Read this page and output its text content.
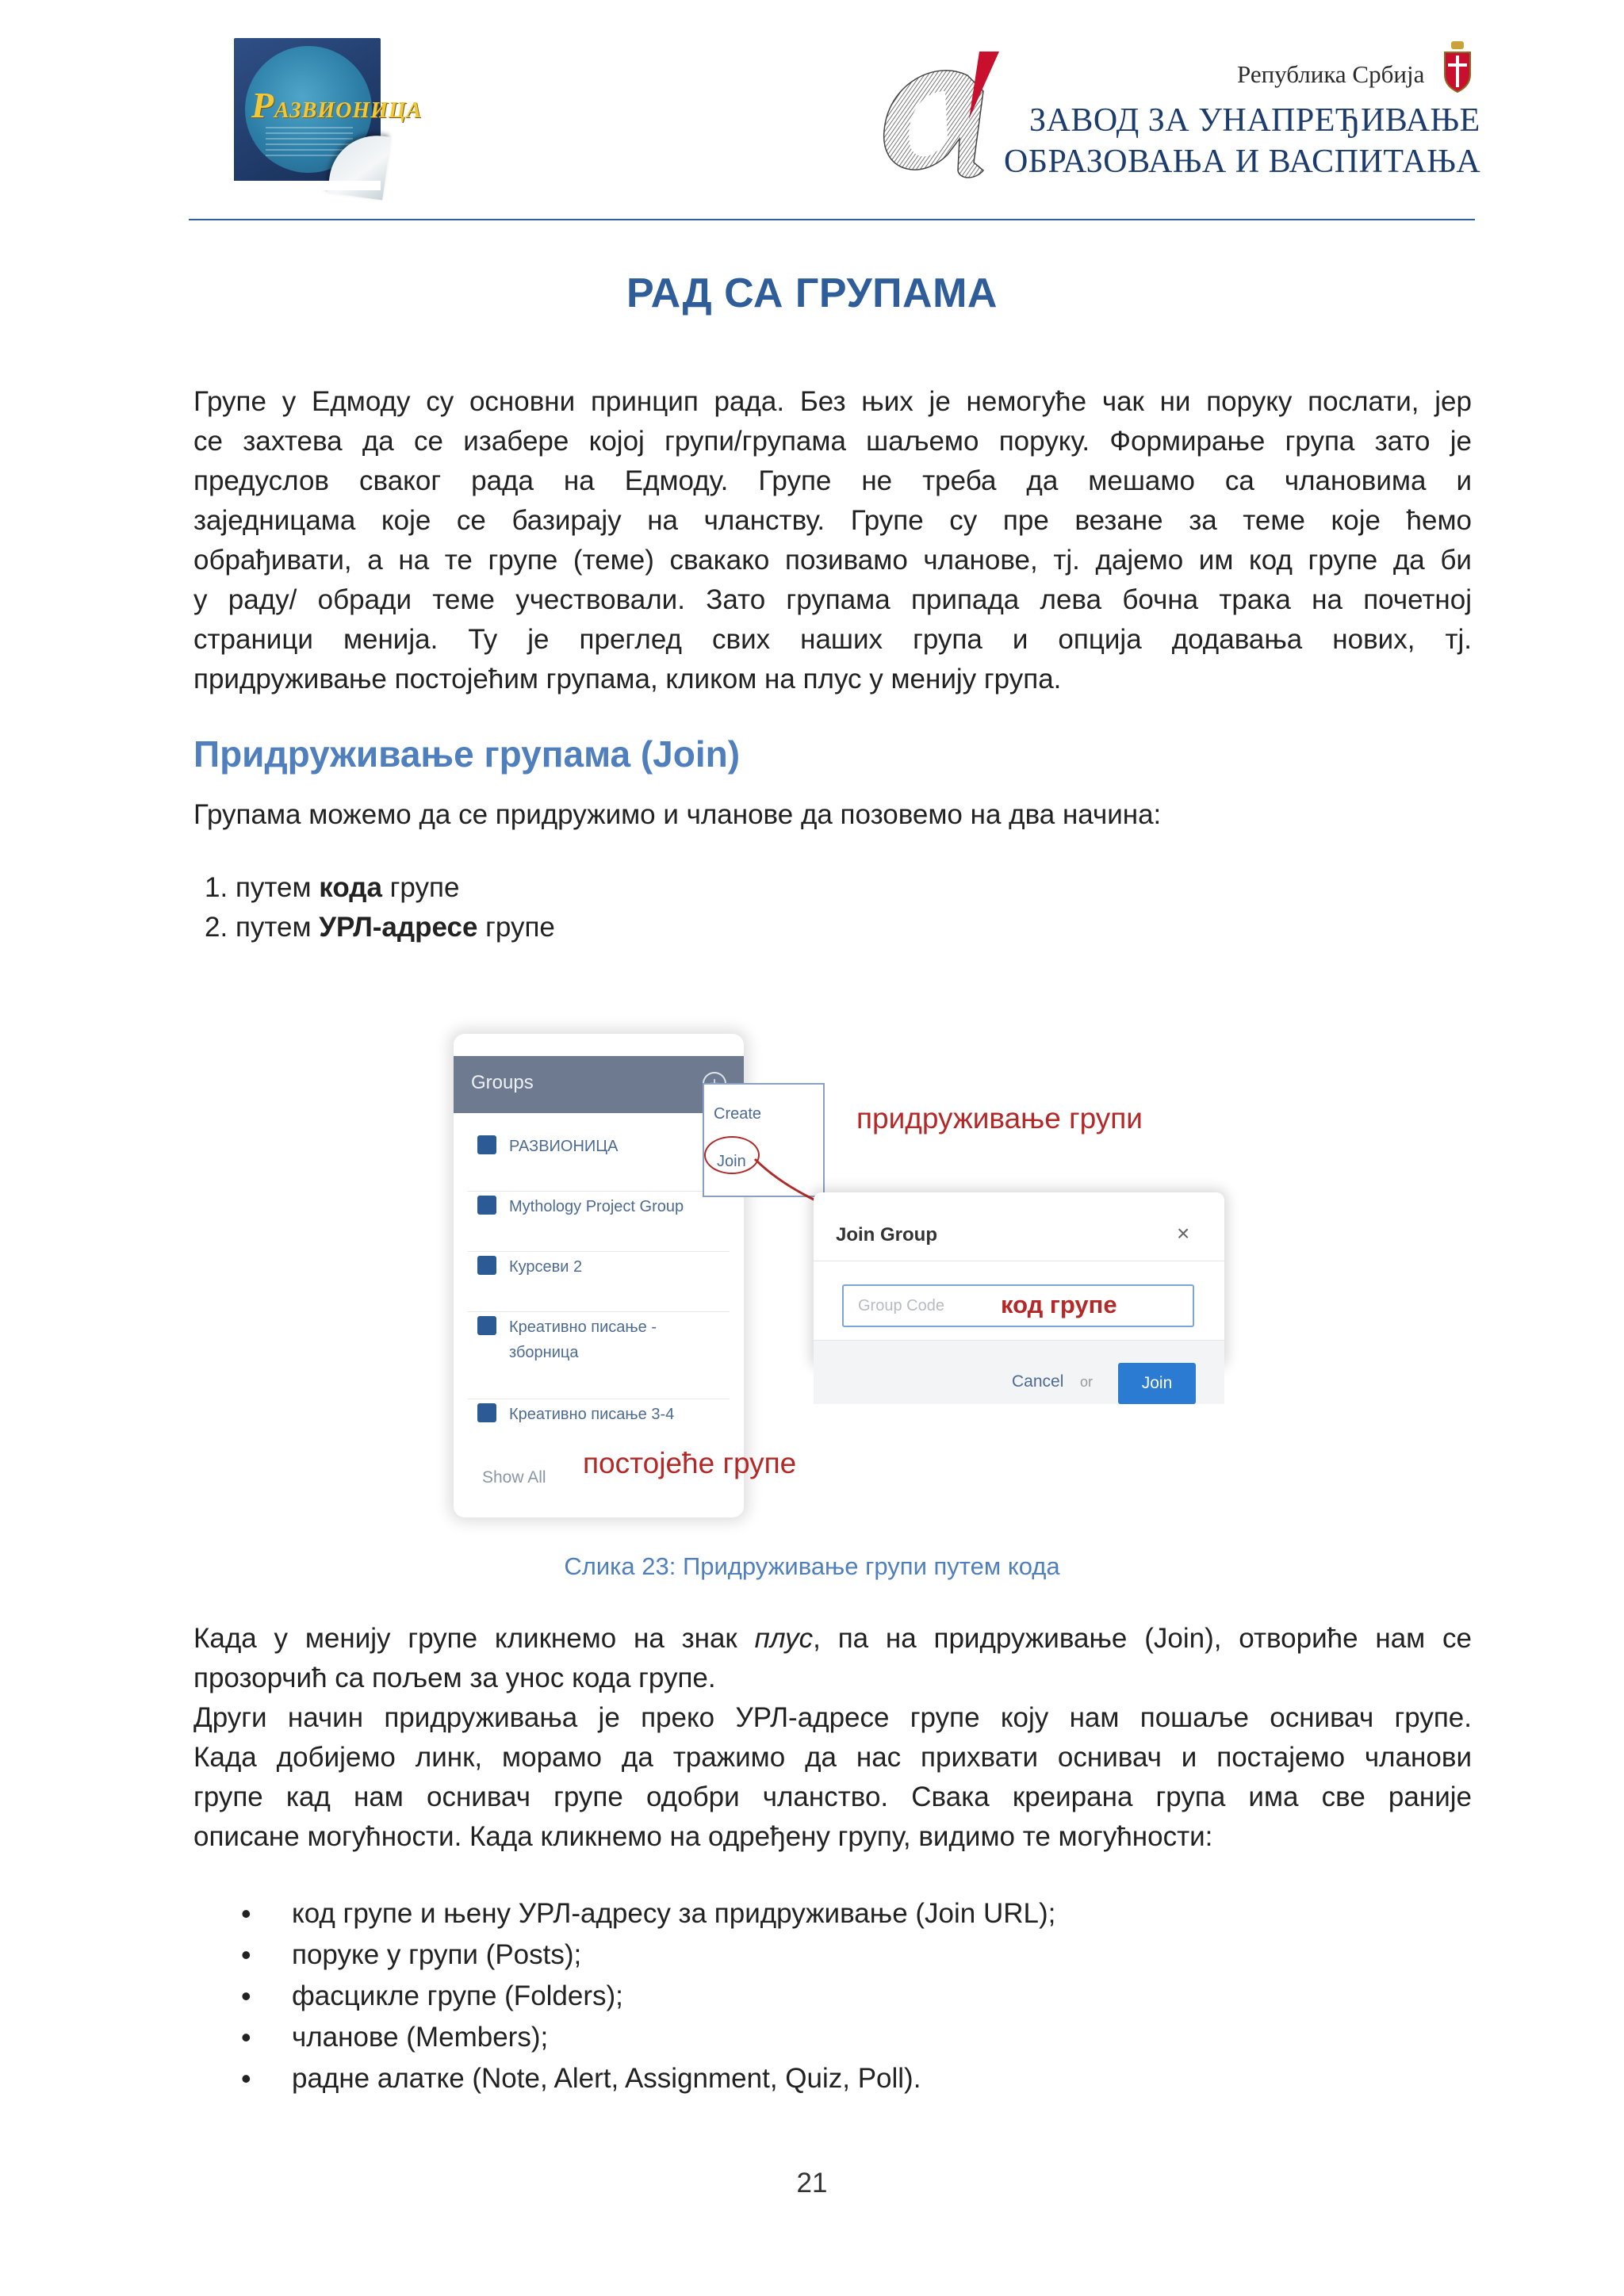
РАЗВИОНИЦА
Република Србија
ЗАВОД ЗА УНАПРЕЂИВАЊЕ
ОБРАЗОВАЊА И ВАСПИТАЊА
РАД СА ГРУПАМА
Групе у Едмоду су основни принцип рада. Без њих је немогуће чак ни поруку послати, јер
се захтева да се изабере којој групи/групама шаљемо поруку. Формирање група зато је
предуслов сваког рада на Едмоду. Групе не треба да мешамо са члановима и
заједницама које се базирају на чланству. Групе су пре везане за теме које ћемо
обрађивати, а на те групе (теме) свакако позивамо чланове, тј. дајемо им код групе да би
у раду/ обради теме учествовали. Зато групама припада лева бочна трака на почетној
страници менија. Ту је преглед свих наших група и опција додавања нових, тј.
придруживање постојећим групама, кликом на плус у менију група.
Придруживање групама (Join)
Групама можемо да се придружимо и чланове да позовемо на два начина:
1. путем кода групе
2. путем УРЛ-адресе групе
Groups
РАЗВИОНИЦА
Mythology Project Group
Курсеви 2
Креативно писање -
зборница
Креативно писање 3-4
Show All
Create
Join
придруживање групи
Join Group	×
Group Code код групе
Cancel or	Join
постојеће групе
Слика 23: Придруживање групи путем кода
Када у менију групе кликнемо на знак плус, па на придруживање (Join), отвориће нам се
прозорчић са пољем за унос кода групе.
Други начин придруживања је преко УРЛ-адресе групе коју нам пошаље оснивач групе.
Када добијемо линк, морамо да тражимо да нас прихвати оснивач и постајемо чланови
групе кад нам оснивач групе одобри чланство. Свака креирана група има све раније
описане могућности. Када кликнемо на одређену групу, видимо те могућности:
• код групе и њену УРЛ-адресу за придруживање (Join URL);
• поруке у групи (Posts);
• фасцикле групе (Folders);
• чланове (Members);
• радне алатке (Note, Alert, Assignment, Quiz, Poll).
21
